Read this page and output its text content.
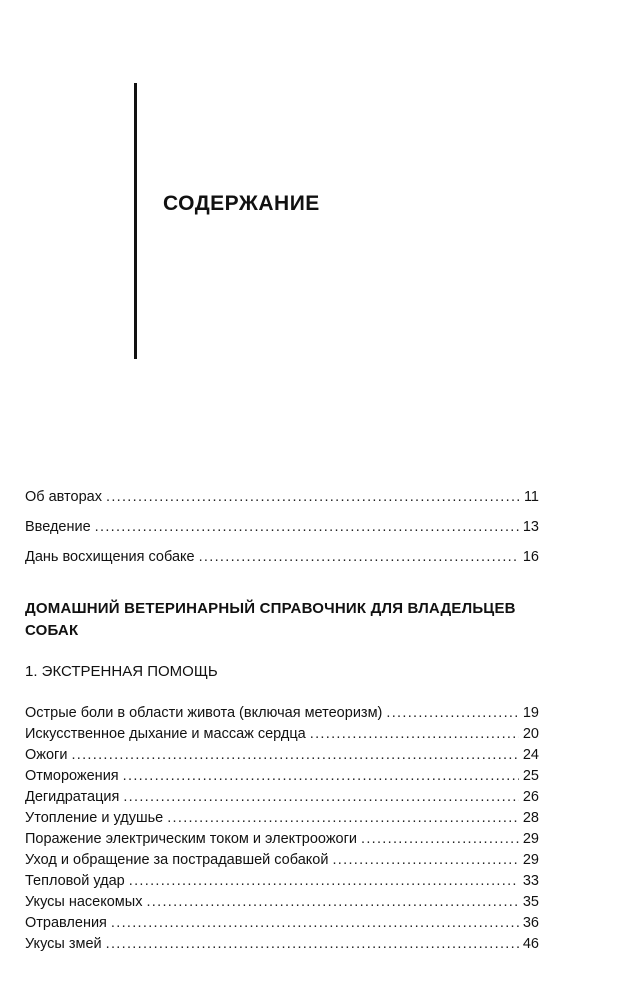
СОДЕРЖАНИЕ
Об авторах .....	11
Введение .....	13
Дань восхищения собаке .....	16
ДОМАШНИЙ ВЕТЕРИНАРНЫЙ СПРАВОЧНИК ДЛЯ ВЛАДЕЛЬЦЕВ СОБАК
1. ЭКСТРЕННАЯ ПОМОЩЬ
Острые боли в области живота (включая метеоризм) .....	19
Искусственное дыхание и массаж сердца .....	20
Ожоги .....	24
Отморожения .....	25
Дегидратация .....	26
Утопление и удушье .....	28
Поражение электрическим током и электроожоги .....	29
Уход и обращение за пострадавшей собакой .....	29
Тепловой удар .....	33
Укусы насекомых .....	35
Отравления .....	36
Укусы змей .....	46
